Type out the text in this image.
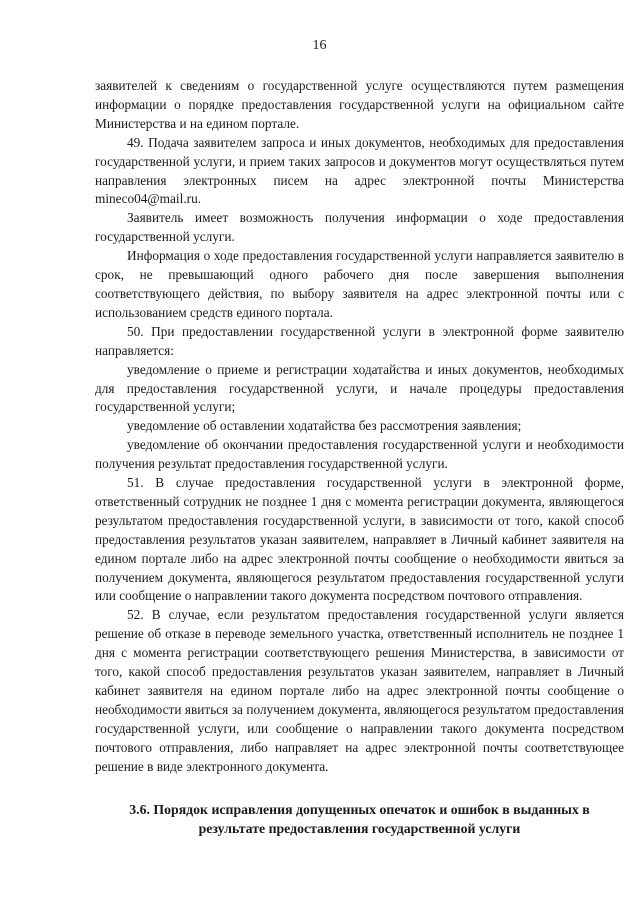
16

заявителей к сведениям о государственной услуге осуществляются путем размещения информации о порядке предоставления государственной услуги на официальном сайте Министерства и на едином портале.

49. Подача заявителем запроса и иных документов, необходимых для предоставления государственной услуги, и прием таких запросов и документов могут осуществляться путем направления электронных писем на адрес электронной почты Министерства mineco04@mail.ru.

Заявитель имеет возможность получения информации о ходе предоставления государственной услуги.

Информация о ходе предоставления государственной услуги направляется заявителю в срок, не превышающий одного рабочего дня после завершения выполнения соответствующего действия, по выбору заявителя на адрес электронной почты или с использованием средств единого портала.

50. При предоставлении государственной услуги в электронной форме заявителю направляется:

уведомление о приеме и регистрации ходатайства и иных документов, необходимых для предоставления государственной услуги, и начале процедуры предоставления государственной услуги;

уведомление об оставлении ходатайства без рассмотрения заявления;

уведомление об окончании предоставления государственной услуги и необходимости получения результат предоставления государственной услуги.

51. В случае предоставления государственной услуги в электронной форме, ответственный сотрудник не позднее 1 дня с момента регистрации документа, являющегося результатом предоставления государственной услуги, в зависимости от того, какой способ предоставления результатов указан заявителем, направляет в Личный кабинет заявителя на едином портале либо на адрес электронной почты сообщение о необходимости явиться за получением документа, являющегося результатом предоставления государственной услуги или сообщение о направлении такого документа посредством почтового отправления.

52. В случае, если результатом предоставления государственной услуги является решение об отказе в переводе земельного участка, ответственный исполнитель не позднее 1 дня с момента регистрации соответствующего решения Министерства, в зависимости от того, какой способ предоставления результатов указан заявителем, направляет в Личный кабинет заявителя на едином портале либо на адрес электронной почты сообщение о необходимости явиться за получением документа, являющегося результатом предоставления государственной услуги, или сообщение о направлении такого документа посредством почтового отправления, либо направляет на адрес электронной почты соответствующее решение в виде электронного документа.

3.6. Порядок исправления допущенных опечаток и ошибок в выданных в результате предоставления государственной услуги
